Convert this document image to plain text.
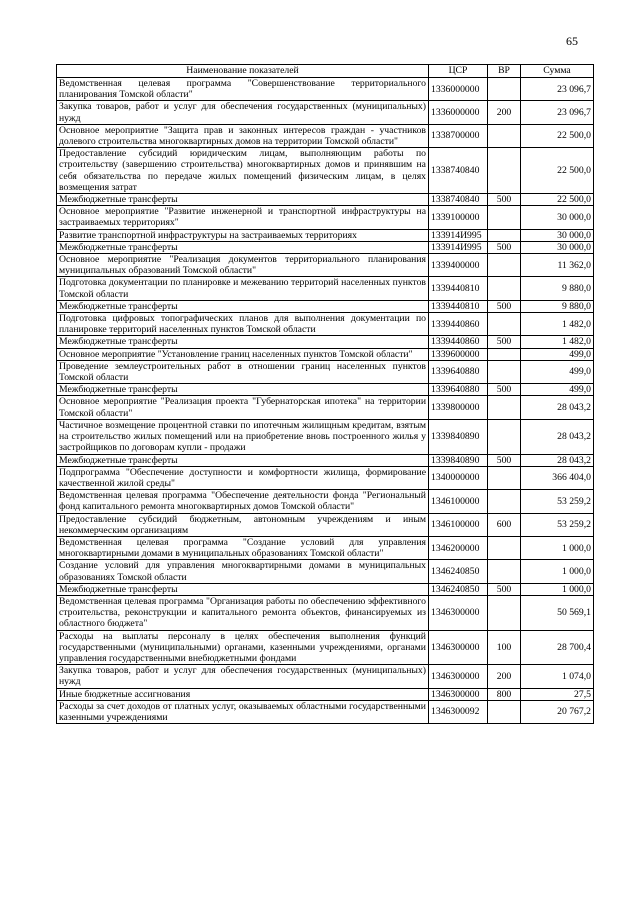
65
Наименование показателей	ЦСР	ВР	Сумма
Ведомственная целевая программа "Совершенствование территориального планирования Томской области"	1336000000		23 096,7
Закупка товаров, работ и услуг для обеспечения государственных (муниципальных) нужд	1336000000	200	23 096,7
Основное мероприятие "Защита прав и законных интересов граждан - участников долевого строительства многоквартирных домов на территории Томской области"	1338700000		22 500,0
Предоставление субсидий юридическим лицам, выполняющим работы по строительству (завершению строительства) многоквартирных домов и принявшим на себя обязательства по передаче жилых помещений физическим лицам, в целях возмещения затрат	1338740840		22 500,0
Межбюджетные трансферты	1338740840	500	22 500,0
Основное мероприятие "Развитие инженерной и транспортной инфраструктуры на застраиваемых территориях"	1339100000		30 000,0
Развитие транспортной инфраструктуры на застраиваемых территориях	133914И995		30 000,0
Межбюджетные трансферты	133914И995	500	30 000,0
Основное мероприятие "Реализация документов территориального планирования муниципальных образований Томской области"	1339400000		11 362,0
Подготовка документации по планировке и межеванию территорий населенных пунктов Томской области	1339440810		9 880,0
Межбюджетные трансферты	1339440810	500	9 880,0
Подготовка цифровых топографических планов для выполнения документации по планировке территорий населенных пунктов Томской области	1339440860		1 482,0
Межбюджетные трансферты	1339440860	500	1 482,0
Основное мероприятие "Установление границ населенных пунктов Томской области"	1339600000		499,0
Проведение землеустроительных работ в отношении границ населенных пунктов Томской области	1339640880		499,0
Межбюджетные трансферты	1339640880	500	499,0
Основное мероприятие "Реализация проекта "Губернаторская ипотека" на территории Томской области"	1339800000		28 043,2
Частичное возмещение процентной ставки по ипотечным жилищным кредитам, взятым на строительство жилых помещений или на приобретение вновь построенного жилья у застройщиков по договорам купли - продажи	1339840890		28 043,2
Межбюджетные трансферты	1339840890	500	28 043,2
Подпрограмма "Обеспечение доступности и комфортности жилища, формирование качественной жилой среды"	1340000000		366 404,0
Ведомственная целевая программа "Обеспечение деятельности фонда "Региональный фонд капитального ремонта многоквартирных домов Томской области"	1346100000		53 259,2
Предоставление субсидий бюджетным, автономным учреждениям и иным некоммерческим организациям	1346100000	600	53 259,2
Ведомственная целевая программа "Создание условий для управления многоквартирными домами в муниципальных образованиях Томской области"	1346200000		1 000,0
Создание условий для управления многоквартирными домами в муниципальных образованиях Томской области	1346240850		1 000,0
Межбюджетные трансферты	1346240850	500	1 000,0
Ведомственная целевая программа "Организация работы по обеспечению эффективного строительства, реконструкции и капитального ремонта объектов, финансируемых из областного бюджета"	1346300000		50 569,1
Расходы на выплаты персоналу в целях обеспечения выполнения функций государственными (муниципальными) органами, казенными учреждениями, органами управления государственными внебюджетными фондами	1346300000	100	28 700,4
Закупка товаров, работ и услуг для обеспечения государственных (муниципальных) нужд	1346300000	200	1 074,0
Иные бюджетные ассигнования	1346300000	800	27,5
Расходы за счет доходов от платных услуг, оказываемых областными государственными казенными учреждениями	1346300092		20 767,2
